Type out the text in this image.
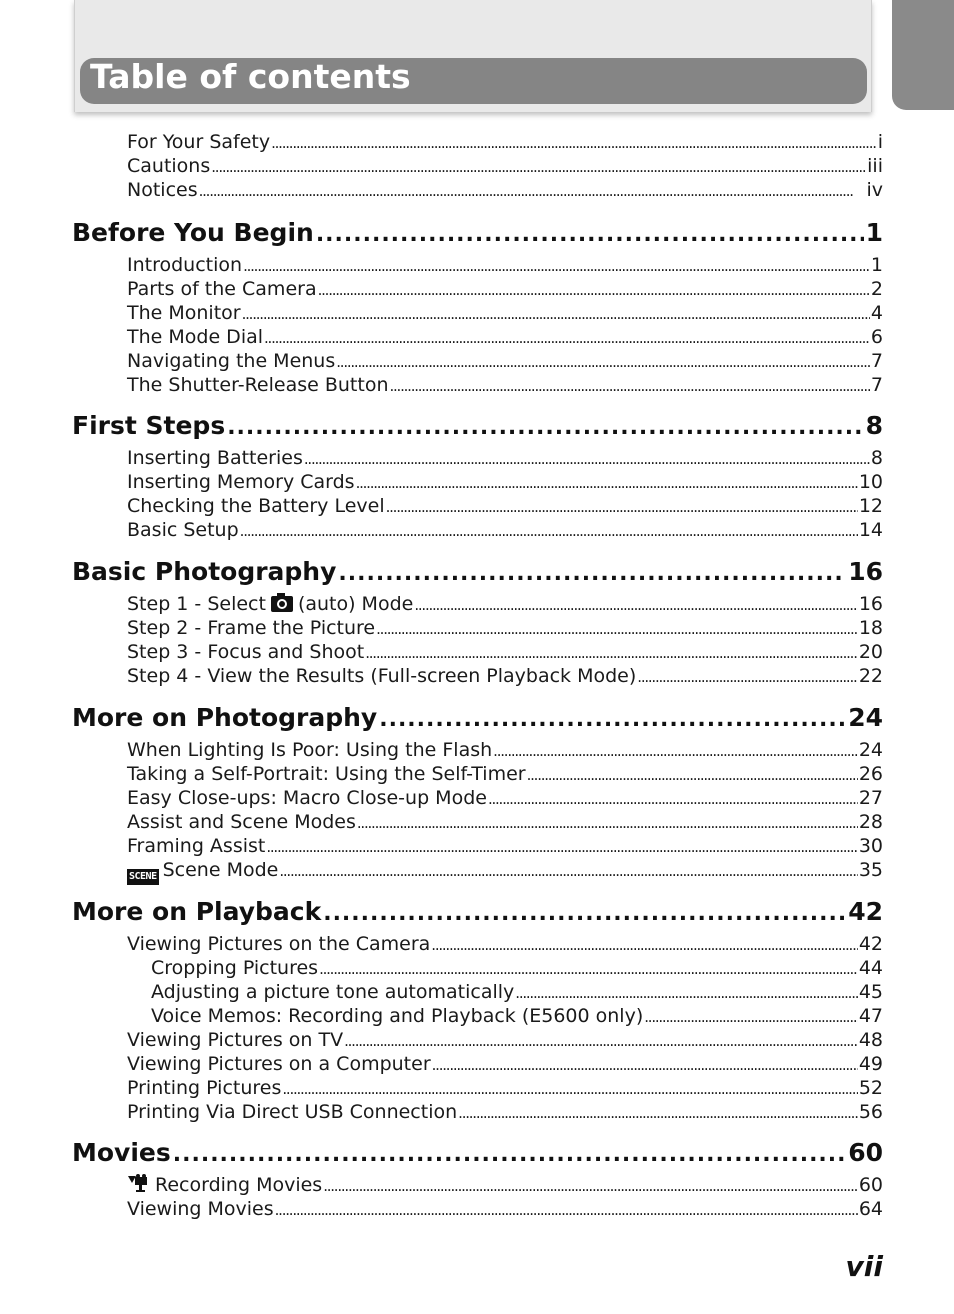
Table of contents
For Your Safety . . .	i
Cautions . . .	iii
Notices . . .	iv
Before You Begin .....	1
Introduction . . .	1
Parts of the Camera . . .	2
The Monitor . . .	4
The Mode Dial . . .	6
Navigating the Menus . . .	7
The Shutter-Release Button . . .	7
First Steps .....	8
Inserting Batteries . . .	8
Inserting Memory Cards . . .	10
Checking the Battery Level . . .	12
Basic Setup . . .	14
Basic Photography .....	16
Step 1 - Select (auto) Mode . . .	16
Step 2 - Frame the Picture . . .	18
Step 3 - Focus and Shoot . . .	20
Step 4 - View the Results (Full-screen Playback Mode) . . .	22
More on Photography .....	24
When Lighting Is Poor: Using the Flash . . .	24
Taking a Self-Portrait: Using the Self-Timer . . .	26
Easy Close-ups: Macro Close-up Mode . . .	27
Assist and Scene Modes . . .	28
Framing Assist . . .	30
SCENE Scene Mode . . .	35
More on Playback .....	42
Viewing Pictures on the Camera . . .	42
Cropping Pictures . . .	44
Adjusting a picture tone automatically . . .	45
Voice Memos: Recording and Playback (E5600 only) . . .	47
Viewing Pictures on TV . . .	48
Viewing Pictures on a Computer . . .	49
Printing Pictures . . .	52
Printing Via Direct USB Connection . . .	56
Movies .....	60
Recording Movies . . .	60
Viewing Movies . . .	64
vii
